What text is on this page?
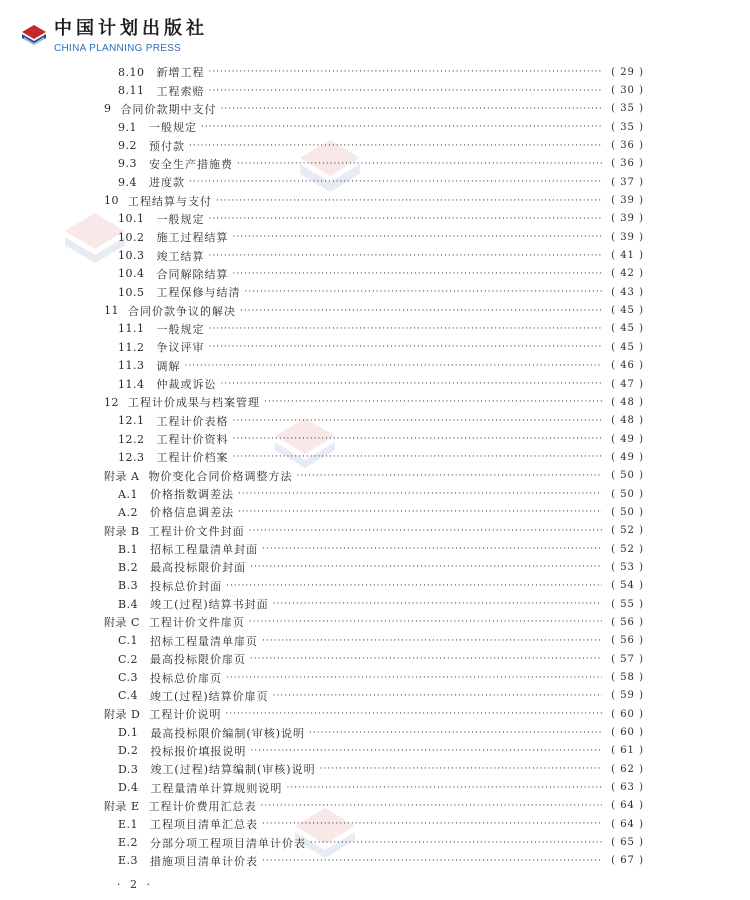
中国计划出版社
CHINA PLANNING PRESS
8.10 新增工程 ·····	( 29 )
8.11 工程索赔 ·····	( 30 )
9 合同价款期中支付 ·····	( 35 )
9.1 一般规定 ·····	( 35 )
9.2 预付款 ·····	( 36 )
9.3 安全生产措施费 ·····	( 36 )
9.4 进度款 ·····	( 37 )
10 工程结算与支付 ·····	( 39 )
10.1 一般规定 ·····	( 39 )
10.2 施工过程结算 ·····	( 39 )
10.3 竣工结算 ·····	( 41 )
10.4 合同解除结算 ·····	( 42 )
10.5 工程保修与结清 ·····	( 43 )
11 合同价款争议的解决 ·····	( 45 )
11.1 一般规定 ·····	( 45 )
11.2 争议评审 ·····	( 45 )
11.3 调解 ·····	( 46 )
11.4 仲裁或诉讼 ·····	( 47 )
12 工程计价成果与档案管理 ·····	( 48 )
12.1 工程计价表格 ·····	( 48 )
12.2 工程计价资料 ·····	( 49 )
12.3 工程计价档案 ·····	( 49 )
附录 A 物价变化合同价格调整方法 ·····	( 50 )
A.1 价格指数调差法 ·····	( 50 )
A.2 价格信息调差法 ·····	( 50 )
附录 B 工程计价文件封面 ·····	( 52 )
B.1 招标工程量清单封面 ·····	( 52 )
B.2 最高投标限价封面 ·····	( 53 )
B.3 投标总价封面 ·····	( 54 )
B.4 竣工(过程)结算书封面 ·····	( 55 )
附录 C 工程计价文件扉页 ·····	( 56 )
C.1 招标工程量清单扉页 ·····	( 56 )
C.2 最高投标限价扉页 ·····	( 57 )
C.3 投标总价扉页 ·····	( 58 )
C.4 竣工(过程)结算价扉页 ·····	( 59 )
附录 D 工程计价说明 ·····	( 60 )
D.1 最高投标限价编制(审核)说明 ·····	( 60 )
D.2 投标报价填报说明 ·····	( 61 )
D.3 竣工(过程)结算编制(审核)说明 ·····	( 62 )
D.4 工程量清单计算规则说明 ·····	( 63 )
附录 E 工程计价费用汇总表 ·····	( 64 )
E.1 工程项目清单汇总表 ·····	( 64 )
E.2 分部分项工程项目清单计价表 ·····	( 65 )
E.3 措施项目清单计价表 ·····	( 67 )
· 2 ·
